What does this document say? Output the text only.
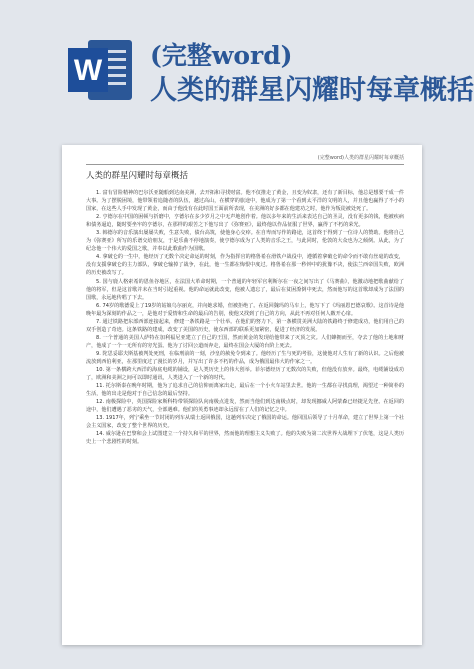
W (完整word)
人类的群星闪耀时每章概括
(完整word)人类的群星闪耀时每章概括
人类的群星闪耀时每章概括

1. 富有冒险精神的巴尔沃亚随船到达南美洲，去开拓和寻找财富。他不仅推走了黄金，且变为奴隶，还有了新目标，他总是想要干成一件大事。为了摆脱困境，他带领着追随者的队伍，越过高山，在横穿的旅途中，他成为了第一个看到太平洋的文明的人，并且他也赢得了不小的国家，在这些人手中发现了黄金，而由于他没有在此时国王面前所表现，在美洲的好多都在他建功之时，他作为叛徒被处死了。

2. 亨德尔在中国的困顿与折磨中，亨德尔在多少岁月之中无声地创作着。他以多年来的生活来表达自己的圣灵，没有更多的钱，他被疾病和债务逼迫，随时要坐牢的亨德尔，在那样的艰苦之下他写出了《弥赛亚》，最终他以作品征服了世界，赢得了不朽的荣光。

3. 韩德尔的音乐演出屡屡失败，生意失败，债台高筑，使他身心交瘁。在自卑而写作的路途，这首终于得到了一位诗人的赞助。他将自己为《弥赛亚》所写的乐谱交给朋友，于是乐曲不停地演奏，使亨德尔成为了人类的音乐之王，与此同时，伦敦的大众也为之倾倒。从此，为了纪念他一个伟大的爱国之歌，并奉以此歌曲作为国歌。

4. 拿破仑的一生中，他经历了无数个决定命运的时刻，作为指挥官的格鲁希在滑铁卢战役中，遵循着拿破仑的命令而不敢有丝毫的改变，没有支援拿破仑的主力部队，拿破仑输掉了战争，在此，他一生都在悔恨中度过。格鲁希在那一秒钟中的犹豫不决，使法兰西帝国失败，欧洲的历史被改写了。

5. 国与鹿人格索希的恩鱼谷地区，在法国大革命时期，一个普通的年轻军官利斯尔在一夜之间写出了《马赛曲》，他激动地把歌曲献给了他的将军，但是这首歌并未在当时引起重视。他的命运就此改变，他被人遗忘了，最后在贫困潦倒中死去，然而他写的这首歌却成为了法国的国歌，永远地传唱了下去。

6. 74岁的歌德爱上了19岁的姑娘乌尔丽克，并向她求婚，但被拒绝了。在返回魏玛的马车上，他写下了《玛丽恩巴德哀歌》。这首诗是他晚年最为深刻的作品之一，是他对于爱情和生命的最后的告别，使他又找到了自己的方向，从此不再对任何人敞开心扉。

7. 通过铁路把东部西部连接起来，修建一条铁路是一个壮举。在他们的努力下，第一条横贯美洲大陆的铁路终于修建成功，他们用自己的双手创造了奇迹。这条铁路的建成，改变了美国的历史，使东西部的联系更加紧密，促进了经济的发展。

8. 一个普通的美国人萨特在加利福尼亚建立了自己的王国，然而黄金的发现给他带来了灭顶之灾。人们蜂拥而至，夺去了他的土地和财产，他成了一个一无所有的穷光蛋。他为了讨回公道而奔走，最终在国会大厦的台阶上死去。

9. 陀思妥耶夫斯基被判处死刑，在临刑前的一刻，沙皇的赦免令到来了。他经历了生与死的考验，这使他对人生有了新的认识。之后他被流放到西伯利亚，在那里度过了漫长的岁月，并写出了许多不朽的作品，成为俄国最伟大的作家之一。

10. 第一条横跨大西洋的海底电缆的铺设，是人类历史上的伟大创举。菲尔德经历了无数次的失败，但他没有放弃。最终，电缆铺设成功了，欧洲和美洲之间可以即时通讯，人类进入了一个新的时代。

11. 托尔斯泰在晚年时期，他为了追求自己的信仰而离家出走，最后在一个小火车站里去世。他的一生都在寻找真理，渴望过一种简朴的生活，他的出走是他对于自己信念的最后坚持。

12. 南极探险中，英国探险家斯科特带领探险队向南极点进发，然而当他们到达南极点时，却发现挪威人阿蒙森已经捷足先登。在返回的途中，他们遭遇了恶劣的天气，全部遇难。他们的英勇事迹却永远留在了人们的记忆之中。

13. 1917年，列宁乘坐一节封闭的列车从瑞士返回俄国，这趟列车决定了俄国的命运。他回国后领导了十月革命，建立了世界上第一个社会主义国家，改变了整个世界的历史。

14. 威尔逊在巴黎和会上试图建立一个持久和平的世界，然而他的理想主义失败了。他的失败为第二次世界大战埋下了伏笔，这是人类历史上一个悲剧性的时刻。
